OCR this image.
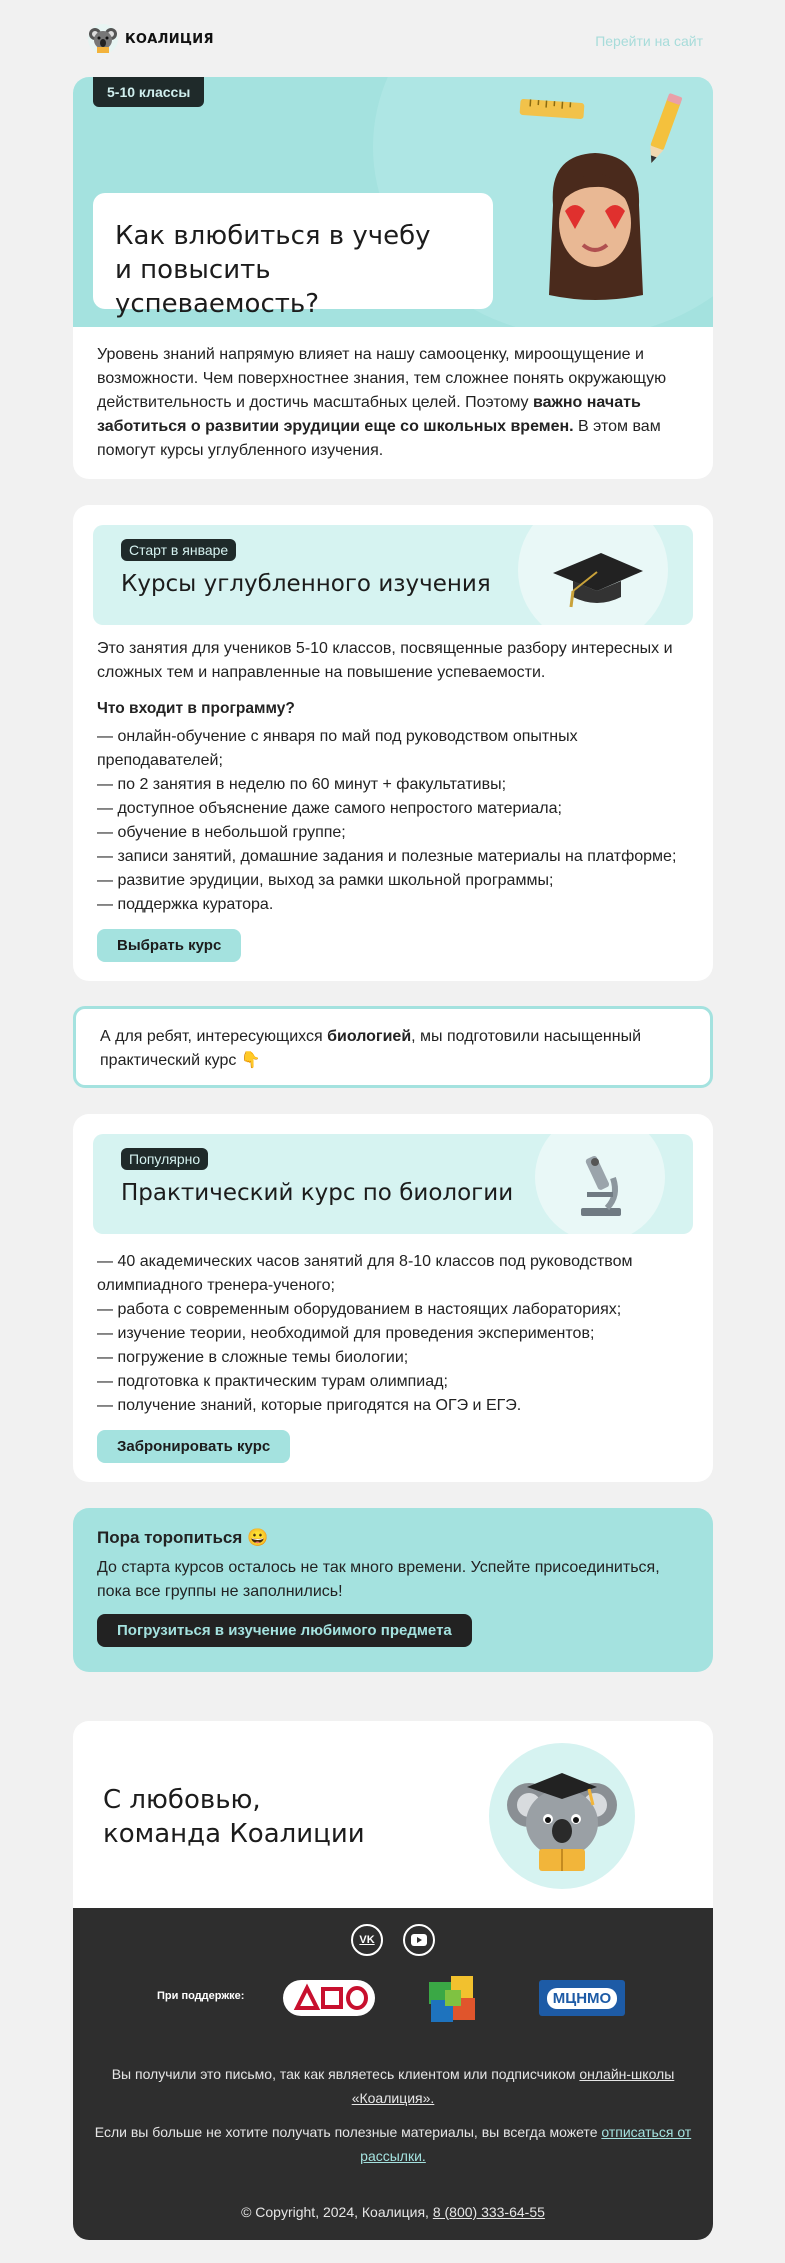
КОАЛИЦИЯ	Перейти на сайт
5-10 классы
Как влюбиться в учебу
и повысить успеваемость?

Уровень знаний напрямую влияет на нашу самооценку, мироощущение и возможности. Чем поверхностнее знания, тем сложнее понять окружающую действительность и достичь масштабных целей. Поэтому важно начать заботиться о развитии эрудиции еще со школьных времен. В этом вам помогут курсы углубленного изучения.

Старт в январе
Курсы углубленного изучения

Это занятия для учеников 5-10 классов, посвященные разбору интересных и сложных тем и направленные на повышение успеваемости.

Что входит в программу?

— онлайн-обучение с января по май под руководством опытных преподавателей;
— по 2 занятия в неделю по 60 минут + факультативы;
— доступное объяснение даже самого непростого материала;
— обучение в небольшой группе;
— записи занятий, домашние задания и полезные материалы на платформе;
— развитие эрудиции, выход за рамки школьной программы;
— поддержка куратора.
Выбрать курс

А для ребят, интересующихся биологией, мы подготовили насыщенный практический курс 👇

Популярно
Практический курс по биологии
— 40 академических часов занятий для 8-10 классов под руководством олимпиадного тренера-ученого;
— работа с современным оборудованием в настоящих лабораториях;
— изучение теории, необходимой для проведения экспериментов;
— погружение в сложные темы биологии;
— подготовка к практическим турам олимпиад;
— получение знаний, которые пригодятся на ОГЭ и ЕГЭ.
Забронировать курс

Пора торопиться 😀

До старта курсов осталось не так много времени. Успейте присоединиться, пока все группы не заполнились!

Погрузиться в изучение любимого предмета

С любовью,
команда Коалиции

VK
При поддержке:	МЦНМО

Вы получили это письмо, так как являетесь клиентом или подписчиком онлайн-школы «Коалиция».

Если вы больше не хотите получать полезные материалы, вы всегда можете отписаться от рассылки.

© Copyright, 2024, Коалиция, 8 (800) 333-64-55
